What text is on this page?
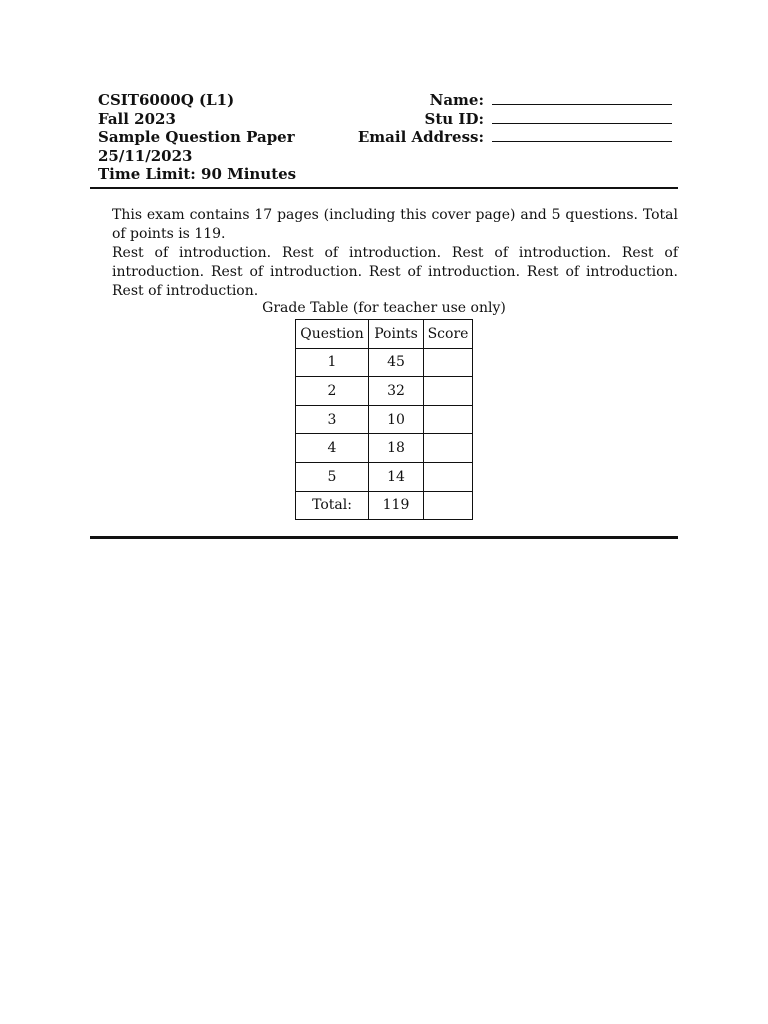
CSIT6000Q (L1)
Fall 2023
Sample Question Paper
25/11/2023
Time Limit: 90 Minutes
Name:
Stu ID:
Email Address:

This exam contains 17 pages (including this cover page) and 5 questions. Total of points is 119.

Rest of introduction. Rest of introduction. Rest of introduction. Rest of introduction. Rest of introduction. Rest of introduction. Rest of introduction. Rest of introduction.

Grade Table (for teacher use only)
Question	Points	Score
1	45	
2	32	
3	10	
4	18	
5	14	
Total:	119	
